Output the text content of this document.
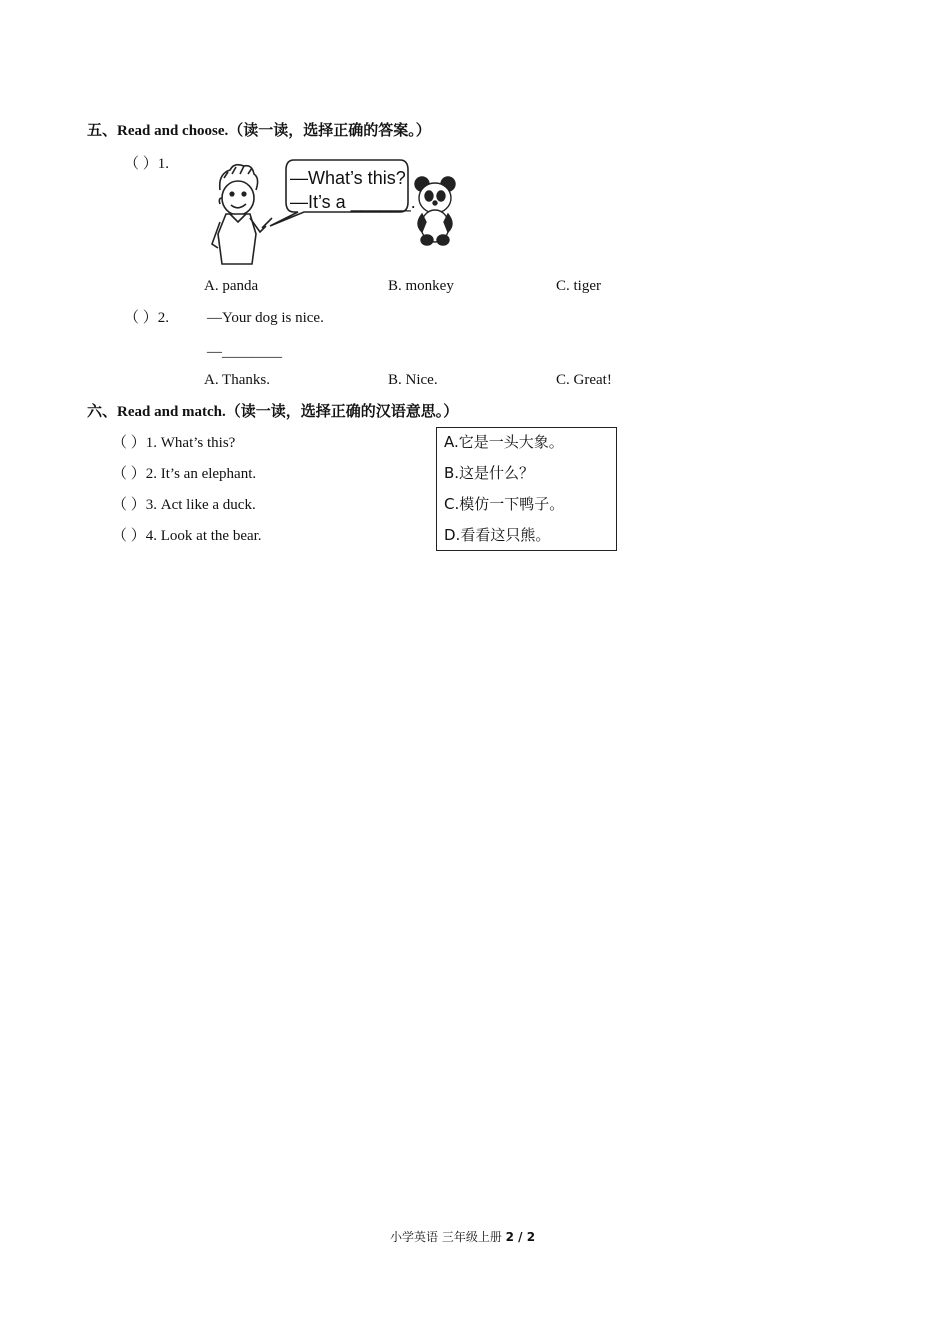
五、Read and choose.（读一读，选择正确的答案。）
（ ）1.
—What’s this?
—It’s a ______.
A. panda	B. monkey	C. tiger
（ ）2.	—Your dog is nice.
—________
A. Thanks.	B. Nice.	C. Great!
六、Read and match.（读一读，选择正确的汉语意思。）
（ ）1. What’s this?
（ ）2. It’s an elephant.
（ ）3. Act like a duck.
（ ）4. Look at the bear.
A.它是一头大象。
B.这是什么？
C.模仿一下鸭子。
D.看看这只熊。
小学英语 三年级上册 2 / 2
